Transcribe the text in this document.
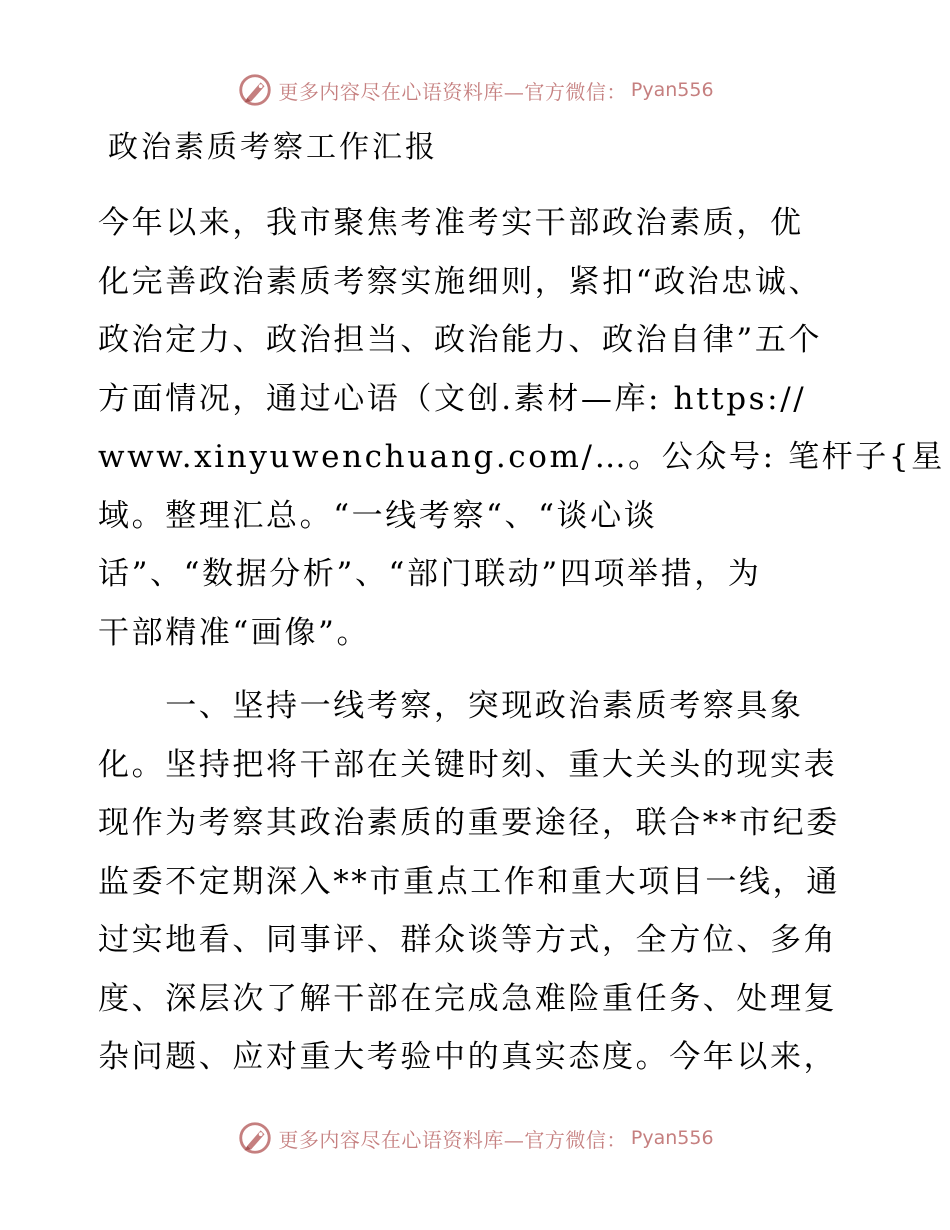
更多内容尽在心语资料库—官方微信： Pyan556
政治素质考察工作汇报
今年以来，我市聚焦考准考实干部政治素质，优
化完善政治素质考察实施细则，紧扣“政治忠诚、
政治定力、政治担当、政治能力、政治自律”五个
方面情况，通过心语（文创.素材—库: https://
www.xinyuwenchuang.com/…。公众号: 笔杆子{星
域。整理汇总。“一线考察“、“谈心谈
话”、“数据分析”、“部门联动”四项举措，为
干部精准“画像”。
　　一、坚持一线考察，突现政治素质考察具象
化。坚持把将干部在关键时刻、重大关头的现实表
现作为考察其政治素质的重要途径，联合**市纪委
监委不定期深入**市重点工作和重大项目一线，通
过实地看、同事评、群众谈等方式，全方位、多角
度、深层次了解干部在完成急难险重任务、处理复
杂问题、应对重大考验中的真实态度。今年以来，
更多内容尽在心语资料库—官方微信： Pyan556
